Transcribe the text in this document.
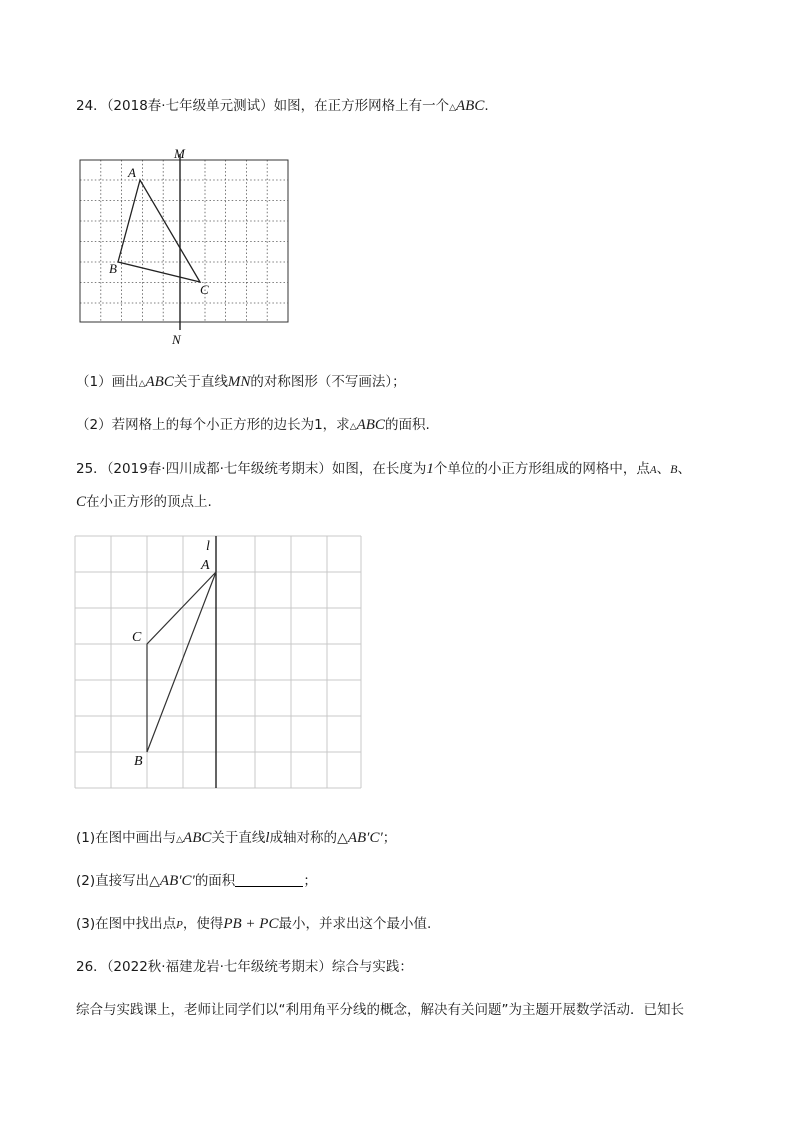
24．（2018春·七年级单元测试）如图，在正方形网格上有一个△ABC.
M
N
A
B
C
（1）画出△ABC关于直线MN的对称图形（不写画法）；
（2）若网格上的每个小正方形的边长为1，求△ABC的面积.
25．（2019春·四川成都·七年级统考期末）如图，在长度为1个单位的小正方形组成的网格中，点A、B、
C在小正方形的顶点上.
l
A
C
B
(1)在图中画出与△ABC关于直线l成轴对称的△AB′C′；
(2)直接写出△AB′C′的面积	；
(3)在图中找出点P，使得PB + PC最小，并求出这个最小值.
26．（2022秋·福建龙岩·七年级统考期末）综合与实践：
综合与实践课上，老师让同学们以“利用角平分线的概念，解决有关问题”为主题开展数学活动．已知长
